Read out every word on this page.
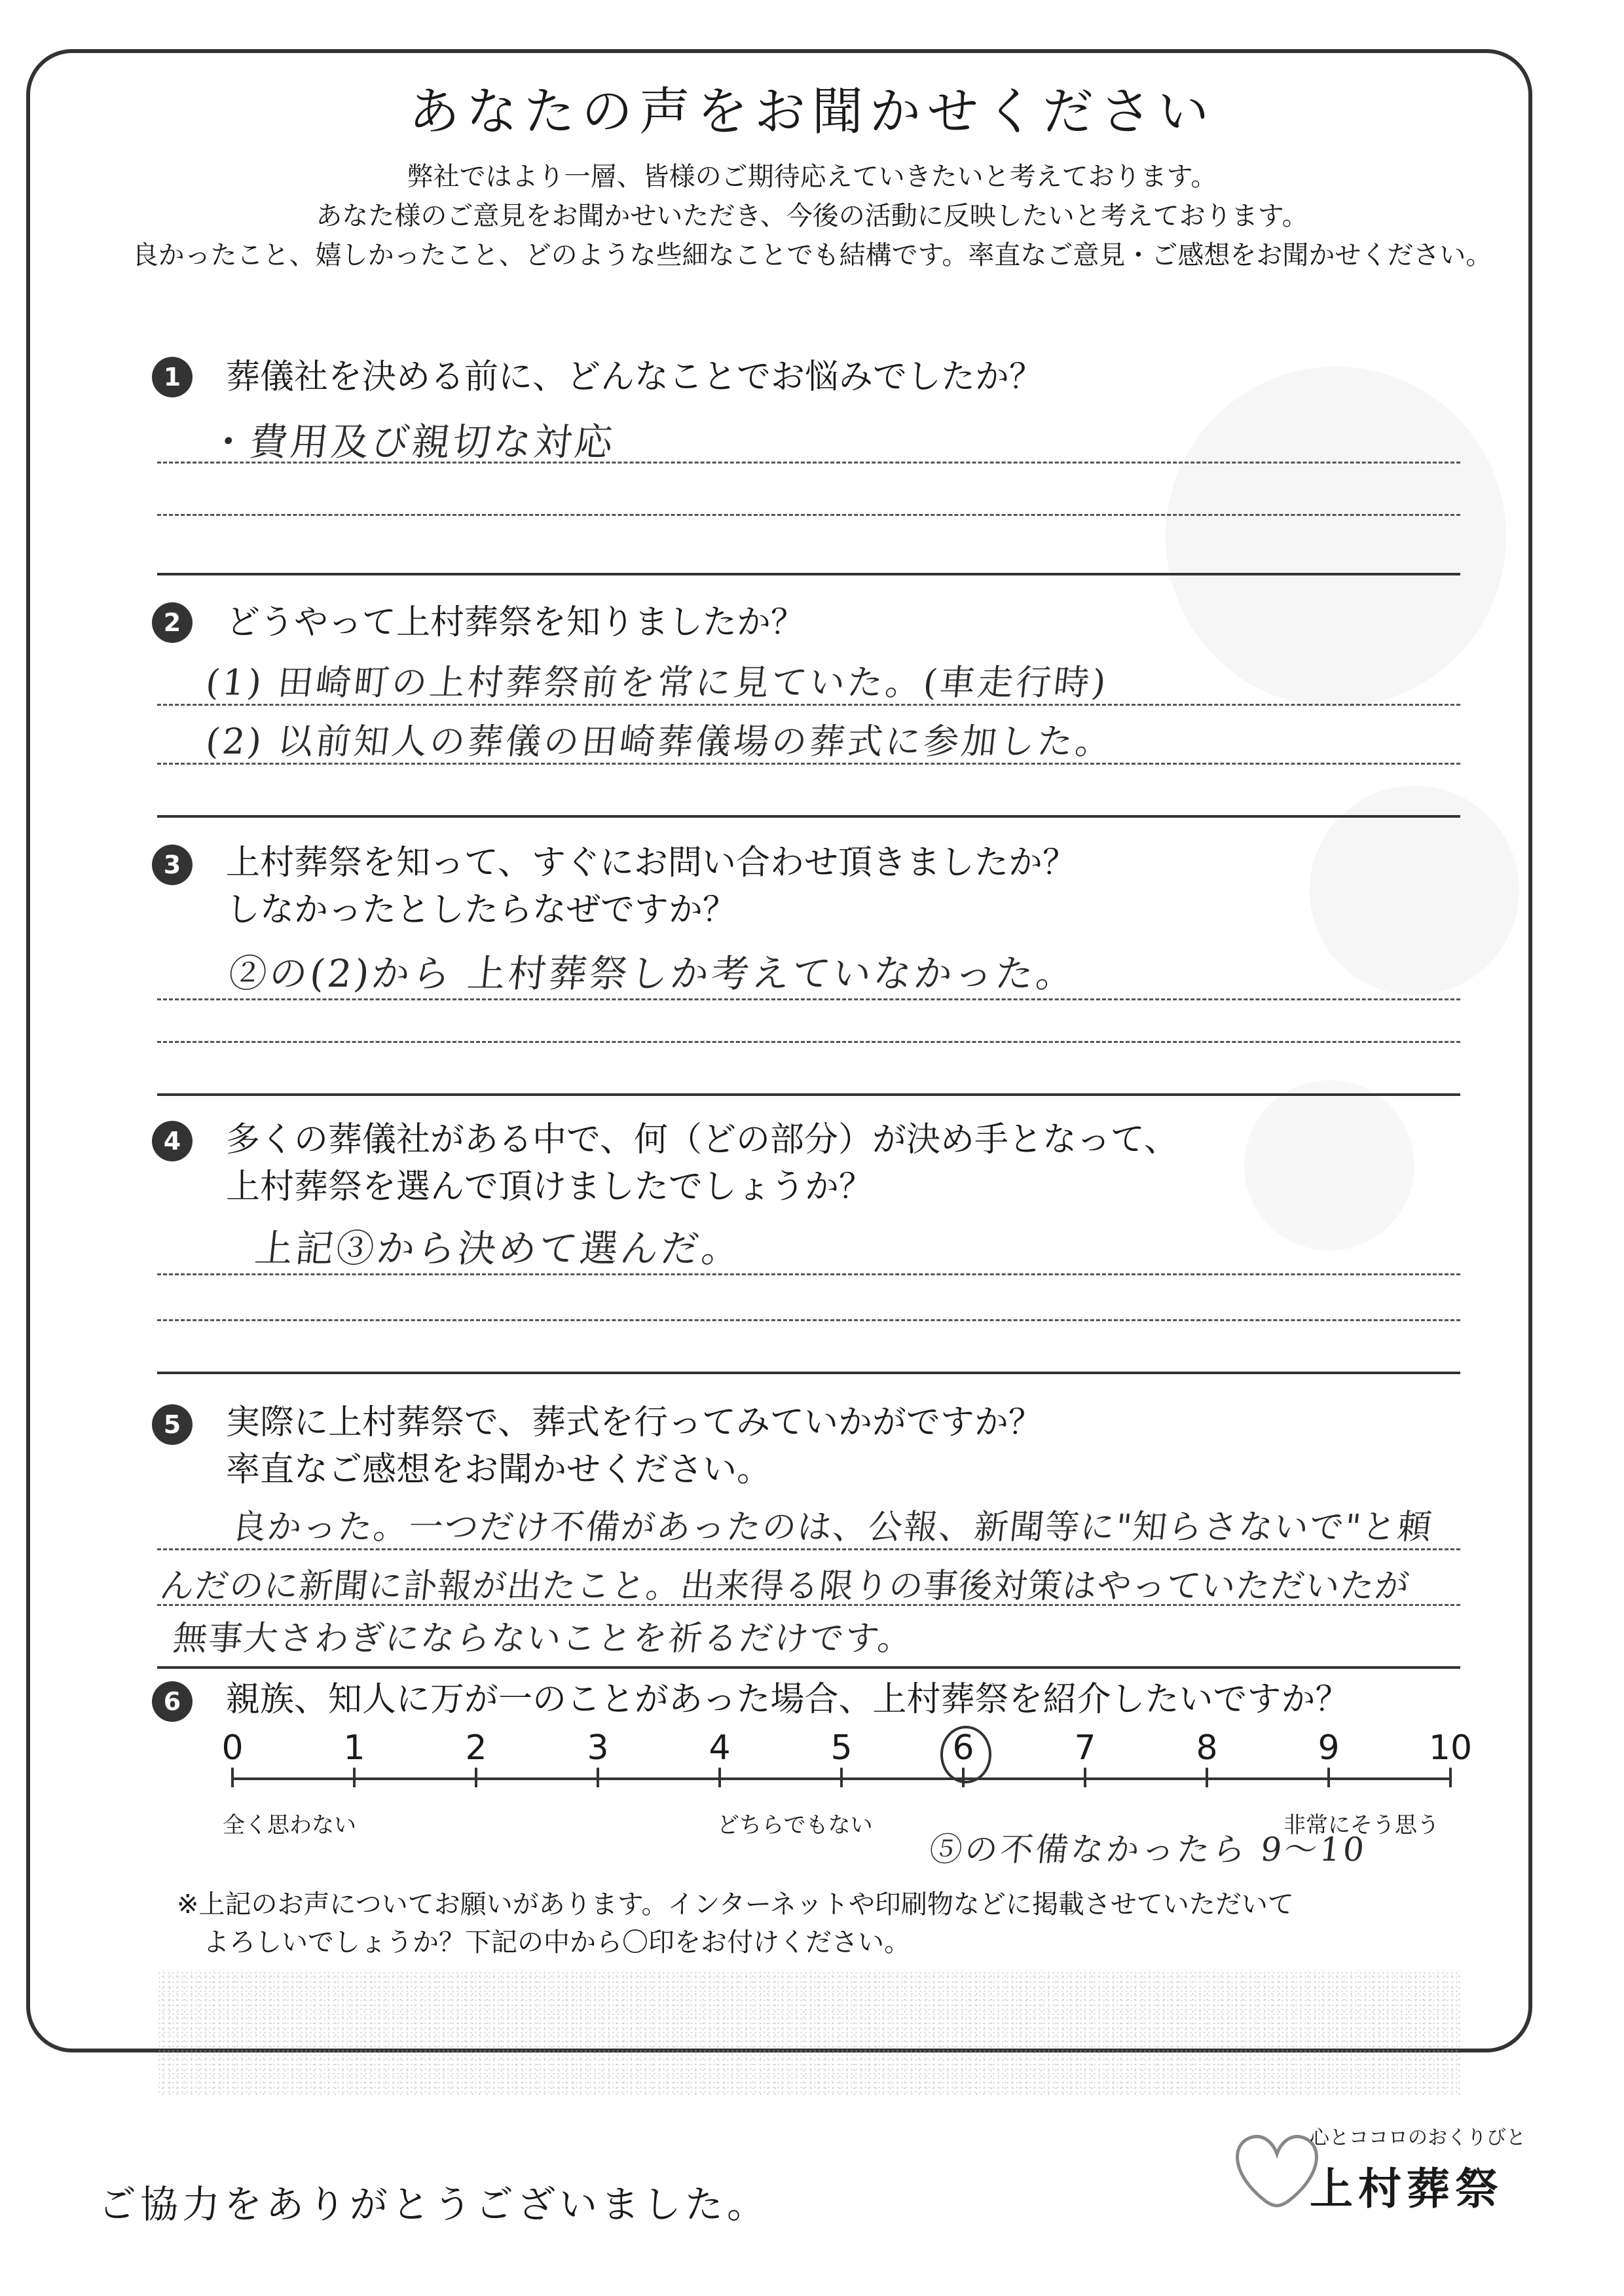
あなたの声をお聞かせください
弊社ではより一層、皆様のご期待応えていきたいと考えております。
あなた様のご意見をお聞かせいただき、今後の活動に反映したいと考えております。
良かったこと、嬉しかったこと、どのような些細なことでも結構です。率直なご意見・ご感想をお聞かせください。
1	葬儀社を決める前に、どんなことでお悩みでしたか？
・費用及び親切な対応
2	どうやって上村葬祭を知りましたか？
(1) 田崎町の上村葬祭前を常に見ていた。(車走行時)
(2) 以前知人の葬儀の田崎葬儀場の葬式に参加した。
3	上村葬祭を知って、すぐにお問い合わせ頂きましたか？
しなかったとしたらなぜですか？
②の(2)から 上村葬祭しか考えていなかった。
4	多くの葬儀社がある中で、何（どの部分）が決め手となって、
上村葬祭を選んで頂けましたでしょうか？
上記③から決めて選んだ。
5	実際に上村葬祭で、葬式を行ってみていかがですか？
率直なご感想をお聞かせください。
良かった。一つだけ不備があったのは、公報、新聞等に"知らさないで"と頼
んだのに新聞に訃報が出たこと。出来得る限りの事後対策はやっていただいたが
無事大さわぎにならないことを祈るだけです。
6	親族、知人に万が一のことがあった場合、上村葬祭を紹介したいですか？
0	1	2	3	4	5	6	7	8	9	10
全く思わない	どちらでもない	非常にそう思う
⑤の不備なかったら 9～10
※上記のお声についてお願いがあります。インターネットや印刷物などに掲載させていただいて
　よろしいでしょうか？下記の中から〇印をお付けください。
ご協力をありがとうございました。
心とココロのおくりびと
上村葬祭
